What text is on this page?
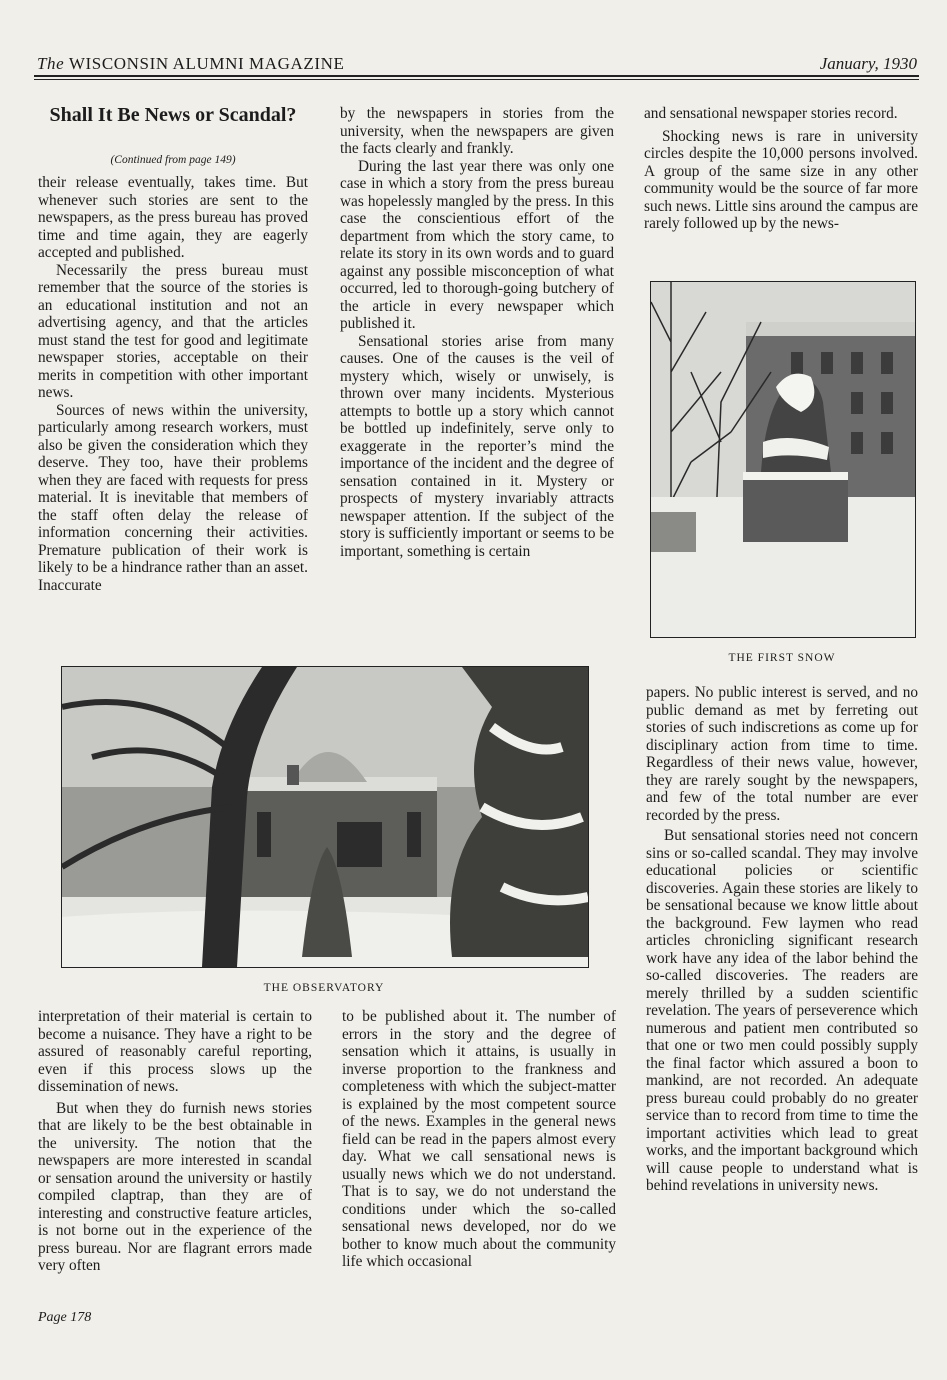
The WISCONSIN ALUMNI MAGAZINE	January, 1930
Shall It Be News or Scandal?
(Continued from page 149)

their release eventually, takes time. But whenever such stories are sent to the newspapers, as the press bureau has proved time and time again, they are eagerly accepted and published.

Necessarily the press bureau must remember that the source of the stories is an educational institution and not an advertising agency, and that the articles must stand the test for good and legitimate newspaper stories, acceptable on their merits in competition with other important news.

Sources of news within the university, particularly among research workers, must also be given the consideration which they deserve. They too, have their problems when they are faced with requests for press material. It is inevitable that members of the staff often delay the release of information concerning their activities. Premature publication of their work is likely to be a hindrance rather than an asset. Inaccurate

by the newspapers in stories from the university, when the newspapers are given the facts clearly and frankly.

During the last year there was only one case in which a story from the press bureau was hopelessly mangled by the press. In this case the conscientious effort of the department from which the story came, to relate its story in its own words and to guard against any possible misconception of what occurred, led to thorough-going butchery of the article in every newspaper which published it.

Sensational stories arise from many causes. One of the causes is the veil of mystery which, wisely or unwisely, is thrown over many incidents. Mysterious attempts to bottle up a story which cannot be bottled up indefinitely, serve only to exaggerate in the reporter’s mind the importance of the incident and the degree of sensation contained in it. Mystery or prospects of mystery invariably attracts newspaper attention. If the subject of the story is sufficiently important or seems to be important, something is certain

and sensational newspaper stories record.

Shocking news is rare in university circles despite the 10,000 persons involved. A group of the same size in any other community would be the source of far more such news. Little sins around the campus are rarely followed up by the news-

THE FIRST SNOW

papers. No public interest is served, and no public demand as met by ferreting out stories of such indiscretions as come up for disciplinary action from time to time. Regardless of their news value, however, they are rarely sought by the newspapers, and few of the total number are ever recorded by the press.

But sensational stories need not concern sins or so-called scandal. They may involve educational policies or scientific discoveries. Again these stories are likely to be sensational because we know little about the background. Few laymen who read articles chronicling significant research work have any idea of the labor behind the so-called discoveries. The readers are merely thrilled by a sudden scientific revelation. The years of perseverence which numerous and patient men contributed so that one or two men could possibly supply the final factor which assured a boon to mankind, are not recorded. An adequate press bureau could probably do no greater service than to record from time to time the important activities which lead to great works, and the important background which will cause people to understand what is behind revelations in university news.

THE OBSERVATORY

interpretation of their material is certain to become a nuisance. They have a right to be assured of reasonably careful reporting, even if this process slows up the dissemination of news.

But when they do furnish news stories that are likely to be the best obtainable in the university. The notion that the newspapers are more interested in scandal or sensation around the university or hastily compiled claptrap, than they are of interesting and constructive feature articles, is not borne out in the experience of the press bureau. Nor are flagrant errors made very often

to be published about it. The number of errors in the story and the degree of sensation which it attains, is usually in inverse proportion to the frankness and completeness with which the subject-matter is explained by the most competent source of the news. Examples in the general news field can be read in the papers almost every day. What we call sensational news is usually news which we do not understand. That is to say, we do not understand the conditions under which the so-called sensational news developed, nor do we bother to know much about the community life which occasional

Page 178
